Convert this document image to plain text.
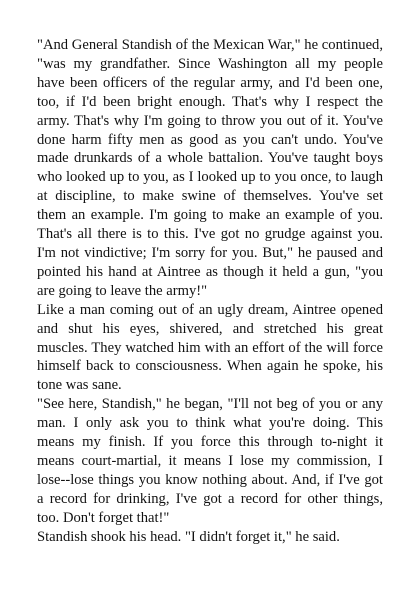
"And General Standish of the Mexican War," he continued, "was my grandfather. Since Washington all my people have been officers of the regular army, and I'd been one, too, if I'd been bright enough. That's why I respect the army. That's why I'm going to throw you out of it. You've done harm fifty men as good as you can't undo. You've made drunkards of a whole battalion. You've taught boys who looked up to you, as I looked up to you once, to laugh at discipline, to make swine of themselves. You've set them an example. I'm going to make an example of you. That's all there is to this. I've got no grudge against you. I'm not vindictive; I'm sorry for you. But," he paused and pointed his hand at Aintree as though it held a gun, "you are going to leave the army!"

Like a man coming out of an ugly dream, Aintree opened and shut his eyes, shivered, and stretched his great muscles. They watched him with an effort of the will force himself back to consciousness. When again he spoke, his tone was sane.

"See here, Standish," he began, "I'll not beg of you or any man. I only ask you to think what you're doing. This means my finish. If you force this through to-night it means court-martial, it means I lose my commission, I lose--lose things you know nothing about. And, if I've got a record for drinking, I've got a record for other things, too. Don't forget that!"

Standish shook his head. "I didn't forget it," he said.
